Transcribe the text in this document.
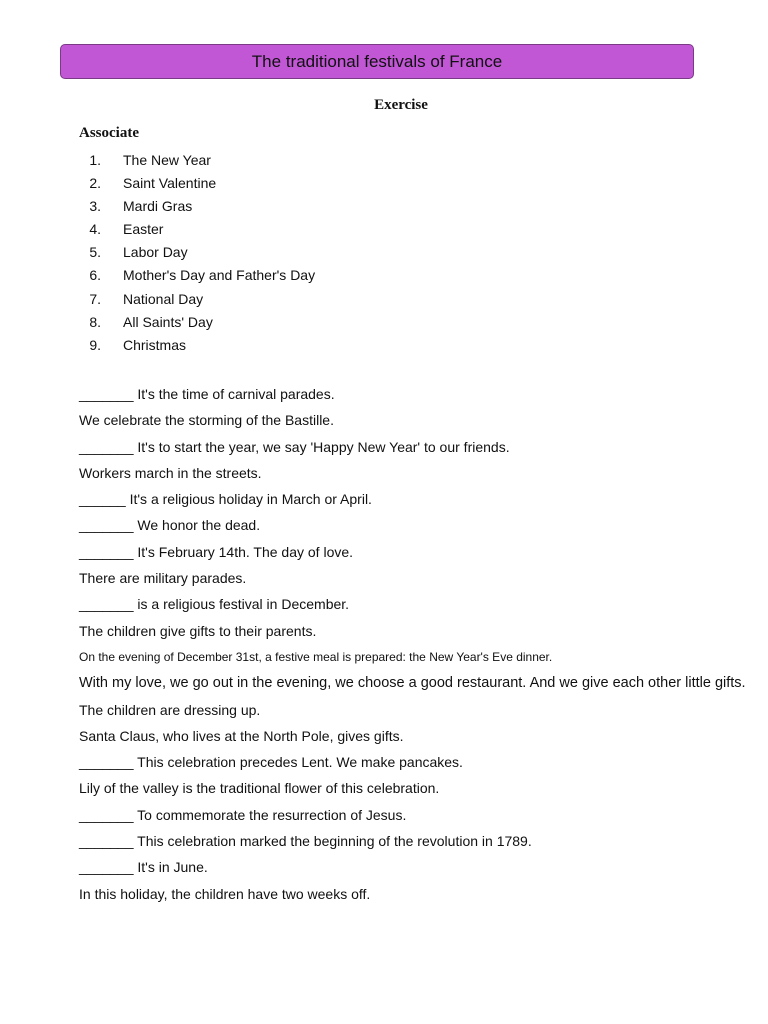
The traditional festivals of France
Exercise
Associate
1. The New Year
2. Saint Valentine
3. Mardi Gras
4. Easter
5. Labor Day
6. Mother's Day and Father's Day
7. National Day
8. All Saints' Day
9. Christmas
_______ It's the time of carnival parades.
We celebrate the storming of the Bastille.
_______ It's to start the year, we say 'Happy New Year' to our friends.
Workers march in the streets.
______ It's a religious holiday in March or April.
_______ We honor the dead.
_______ It's February 14th. The day of love.
There are military parades.
_______ is a religious festival in December.
The children give gifts to their parents.
On the evening of December 31st, a festive meal is prepared: the New Year's Eve dinner.
With my love, we go out in the evening, we choose a good restaurant. And we give each other little gifts.
The children are dressing up.
Santa Claus, who lives at the North Pole, gives gifts.
_______ This celebration precedes Lent. We make pancakes.
Lily of the valley is the traditional flower of this celebration.
_______ To commemorate the resurrection of Jesus.
_______ This celebration marked the beginning of the revolution in 1789.
_______ It's in June.
In this holiday, the children have two weeks off.
